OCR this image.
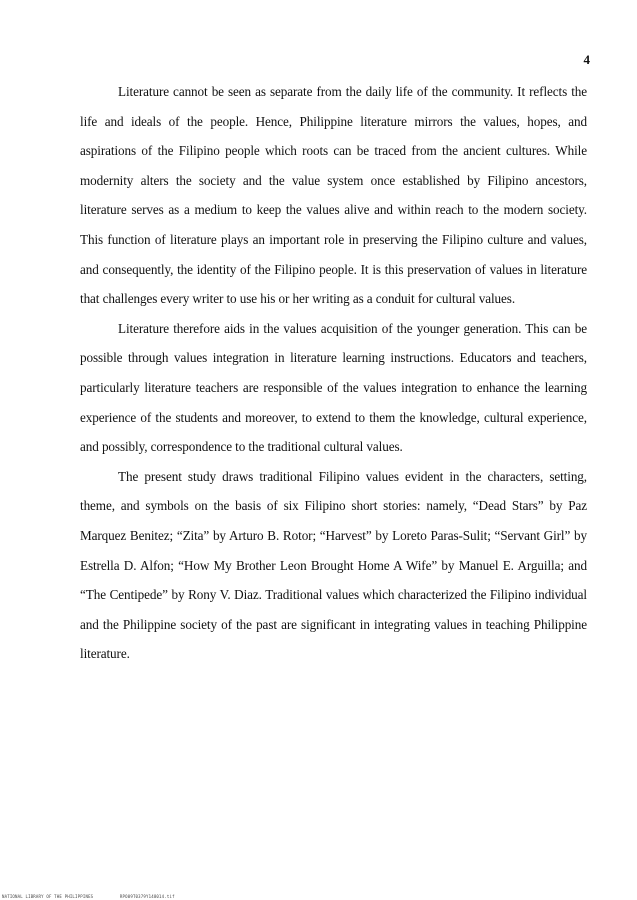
4

Literature cannot be seen as separate from the daily life of the community. It reflects the life and ideals of the people. Hence, Philippine literature mirrors the values, hopes, and aspirations of the Filipino people which roots can be traced from the ancient cultures. While modernity alters the society and the value system once established by Filipino ancestors, literature serves as a medium to keep the values alive and within reach to the modern society. This function of literature plays an important role in preserving the Filipino culture and values, and consequently, the identity of the Filipino people. It is this preservation of values in literature that challenges every writer to use his or her writing as a conduit for cultural values.

Literature therefore aids in the values acquisition of the younger generation. This can be possible through values integration in literature learning instructions. Educators and teachers, particularly literature teachers are responsible of the values integration to enhance the learning experience of the students and moreover, to extend to them the knowledge, cultural experience, and possibly, correspondence to the traditional cultural values.

The present study draws traditional Filipino values evident in the characters, setting, theme, and symbols on the basis of six Filipino short stories: namely, “Dead Stars” by Paz Marquez Benitez; “Zita” by Arturo B. Rotor; “Harvest” by Loreto Paras-Sulit; “Servant Girl” by Estrella D. Alfon; “How My Brother Leon Brought Home A Wife” by Manuel E. Arguilla; and “The Centipede” by Rony V. Diaz. Traditional values which characterized the Filipino individual and the Philippine society of the past are significant in integrating values in teaching Philippine literature.

NATIONAL LIBRARY OF THE PHILIPPINES	RPO09T0379Y148014.tif
